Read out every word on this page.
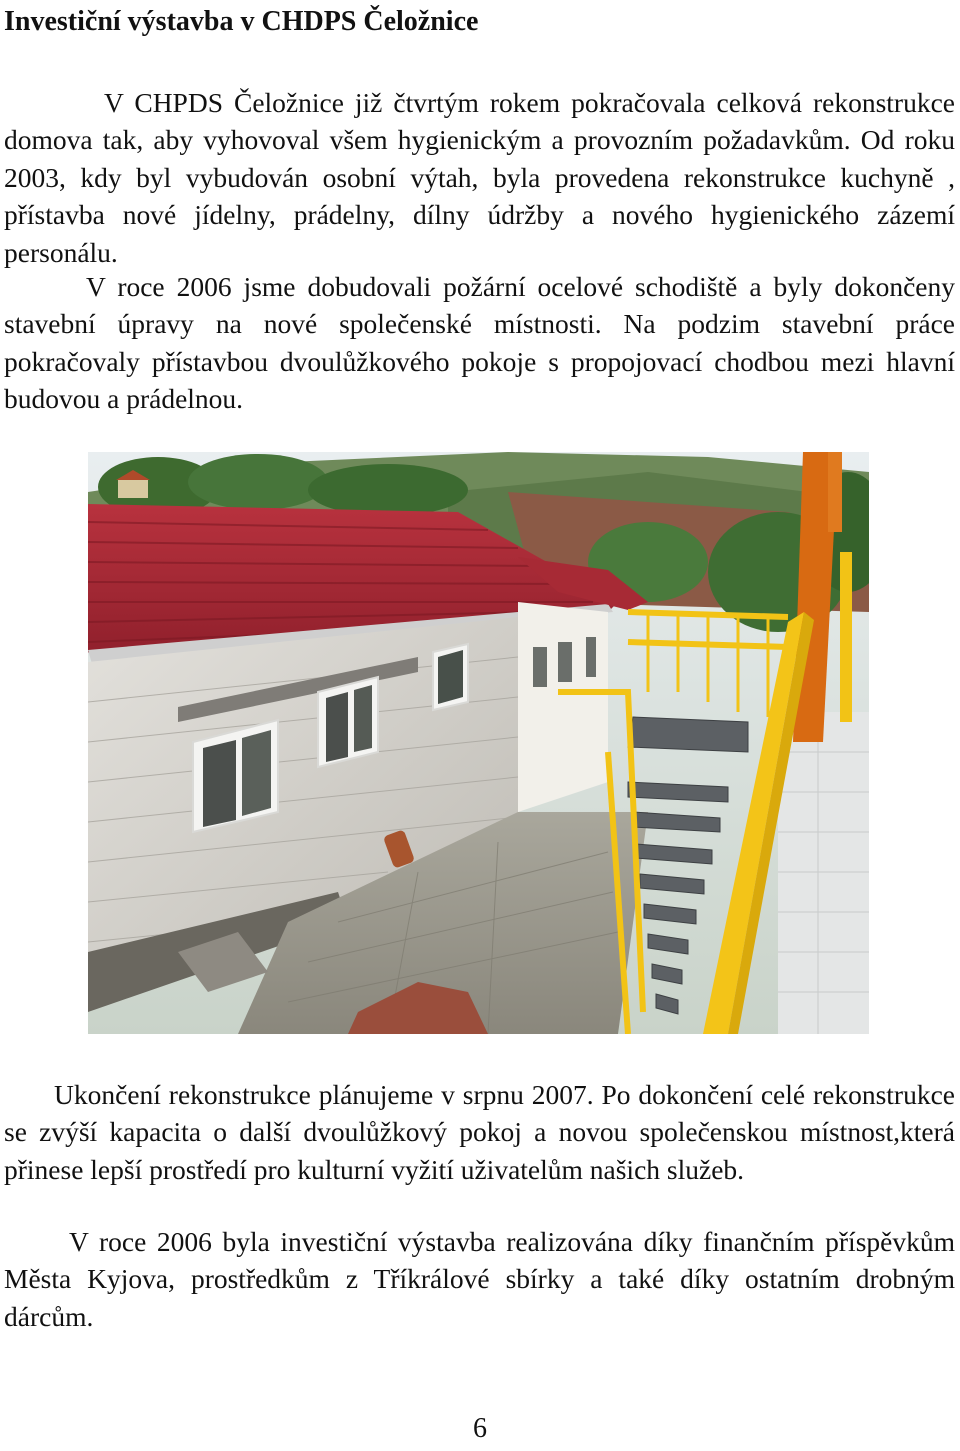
Investiční výstavba v CHDPS Čeložnice

V CHPDS Čeložnice již čtvrtým rokem pokračovala celková rekonstrukce domova tak, aby vyhovoval všem hygienickým a provozním požadavkům. Od roku 2003, kdy byl vybudován osobní výtah, byla provedena rekonstrukce kuchyně , přístavba nové jídelny, prádelny, dílny údržby a nového hygienického zázemí personálu.

V roce 2006 jsme dobudovali požární ocelové schodiště a byly dokončeny stavební úpravy na nové společenské místnosti. Na podzim stavební práce pokračovaly přístavbou dvoulůžkového pokoje s propojovací chodbou mezi hlavní budovou a prádelnou.

Ukončení rekonstrukce plánujeme v srpnu 2007. Po dokončení celé rekonstrukce se zvýší kapacita o další dvoulůžkový pokoj a novou společenskou místnost,která přinese lepší prostředí pro kulturní vyžití uživatelům našich služeb.

V roce 2006 byla investiční výstavba realizována díky finančním příspěvkům Města Kyjova, prostředkům z Tříkrálové sbírky a také díky ostatním drobným dárcům.

6
